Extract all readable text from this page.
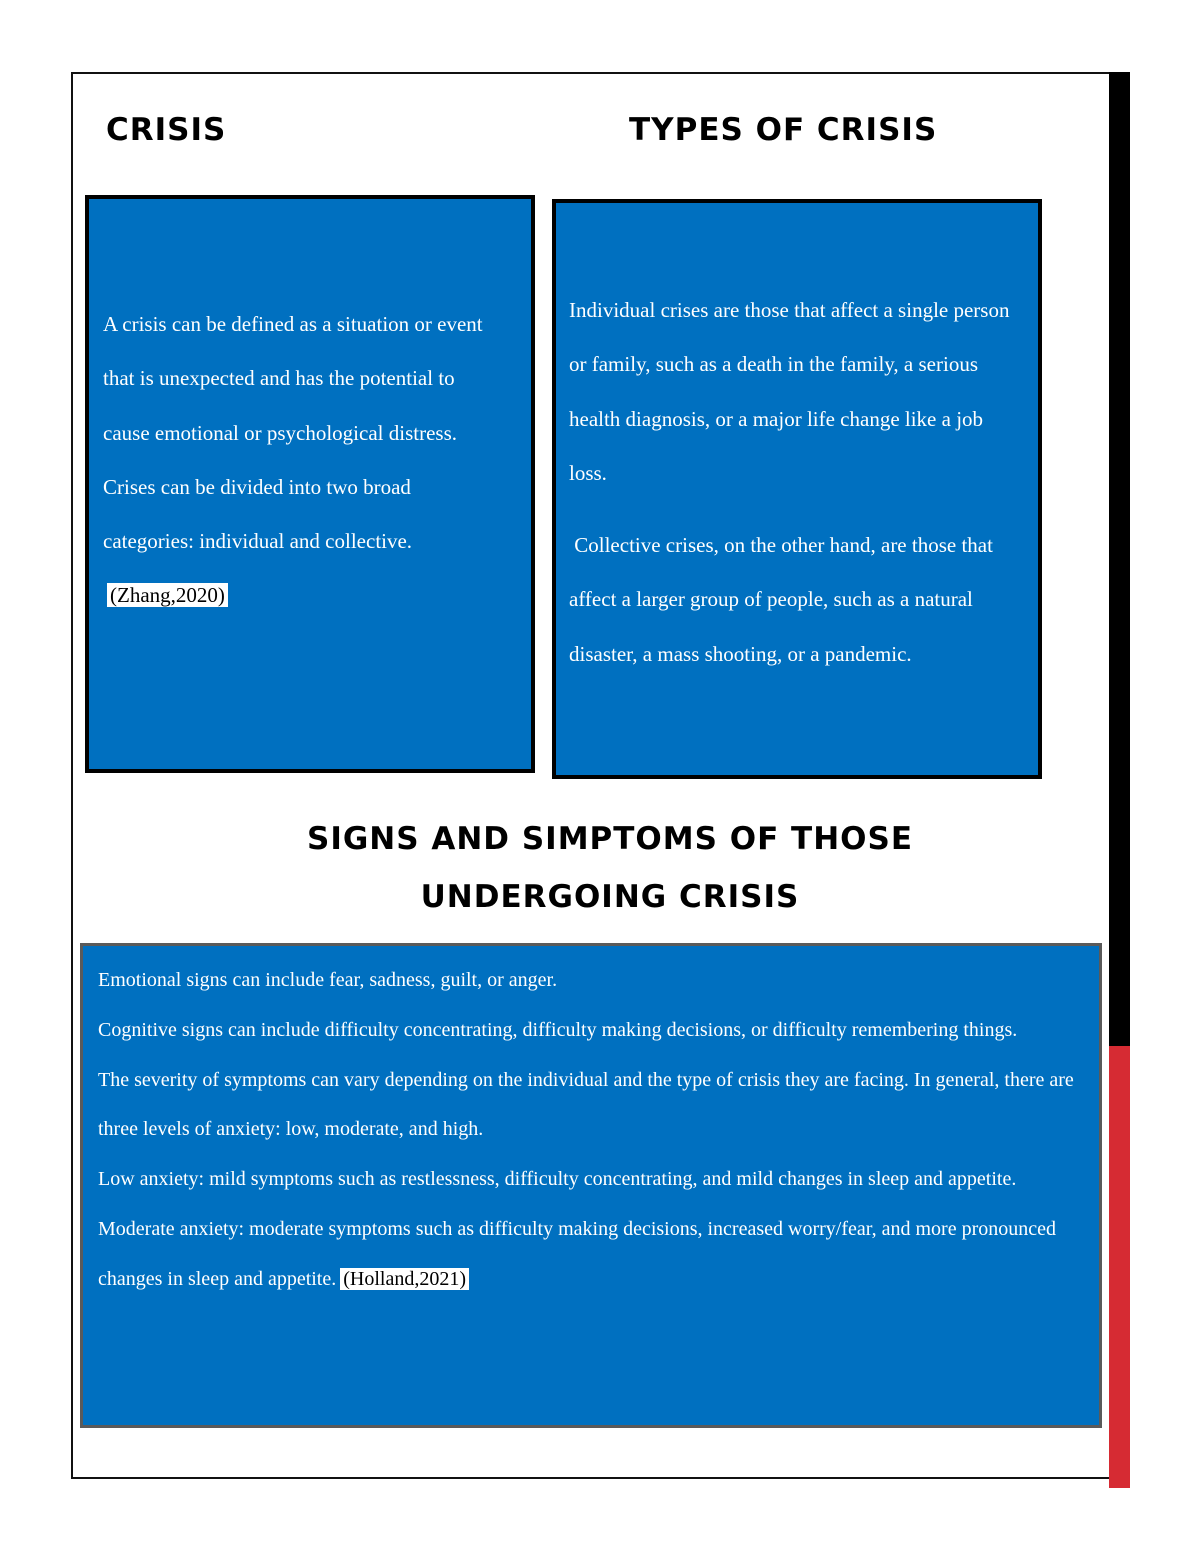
CRISIS	TYPES OF CRISIS
A crisis can be defined as a situation or event that is unexpected and has the potential to cause emotional or psychological distress. Crises can be divided into two broad categories: individual and collective.(Zhang,2020)

Individual crises are those that affect a single person or family, such as a death in the family, a serious health diagnosis, or a major life change like a job loss.

Collective crises, on the other hand, are those that affect a larger group of people, such as a natural disaster, a mass shooting, or a pandemic.

SIGNS AND SIMPTOMS OF THOSE UNDERGOING CRISIS

Emotional signs can include fear, sadness, guilt, or anger.

Cognitive signs can include difficulty concentrating, difficulty making decisions, or difficulty remembering things.

The severity of symptoms can vary depending on the individual and the type of crisis they are facing. In general, there are three levels of anxiety: low, moderate, and high.

Low anxiety: mild symptoms such as restlessness, difficulty concentrating, and mild changes in sleep and appetite.

Moderate anxiety: moderate symptoms such as difficulty making decisions, increased worry/fear, and more pronounced changes in sleep and appetite. (Holland,2021)
